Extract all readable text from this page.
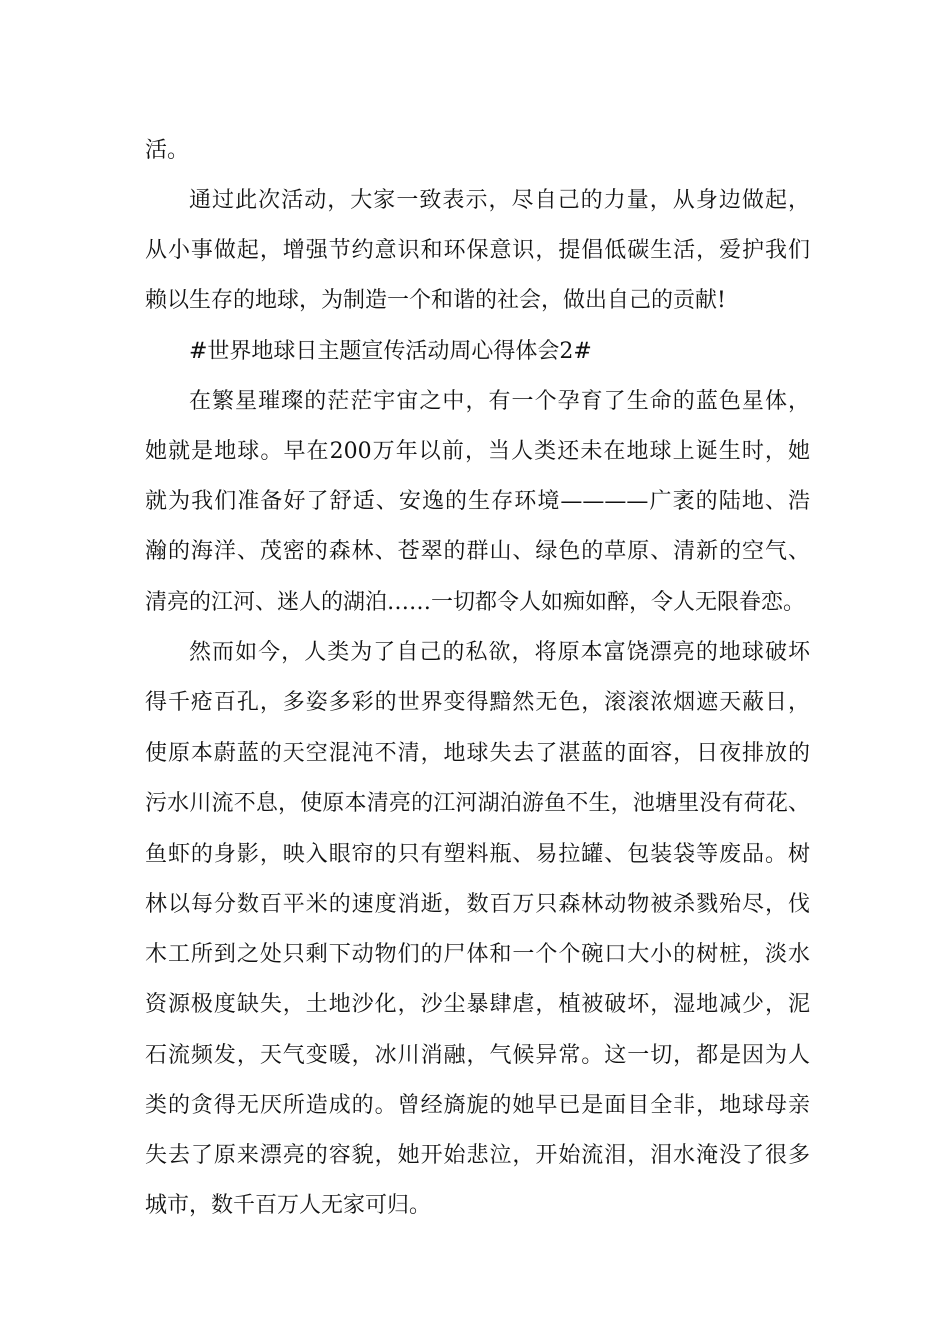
活。

通过此次活动，大家一致表示，尽自己的力量，从身边做起，

从小事做起，增强节约意识和环保意识，提倡低碳生活，爱护我们

赖以生存的地球，为制造一个和谐的社会，做出自己的贡献!

#世界地球日主题宣传活动周心得体会2#

在繁星璀璨的茫茫宇宙之中，有一个孕育了生命的蓝色星体，

她就是地球。早在200万年以前，当人类还未在地球上诞生时，她

就为我们准备好了舒适、安逸的生存环境————广袤的陆地、浩

瀚的海洋、茂密的森林、苍翠的群山、绿色的草原、清新的空气、

清亮的江河、迷人的湖泊……一切都令人如痴如醉，令人无限眷恋。

然而如今，人类为了自己的私欲，将原本富饶漂亮的地球破坏

得千疮百孔，多姿多彩的世界变得黯然无色，滚滚浓烟遮天蔽日，

使原本蔚蓝的天空混沌不清，地球失去了湛蓝的面容，日夜排放的

污水川流不息，使原本清亮的江河湖泊游鱼不生，池塘里没有荷花、

鱼虾的身影，映入眼帘的只有塑料瓶、易拉罐、包装袋等废品。树

林以每分数百平米的速度消逝，数百万只森林动物被杀戮殆尽，伐

木工所到之处只剩下动物们的尸体和一个个碗口大小的树桩，淡水

资源极度缺失，土地沙化，沙尘暴肆虐，植被破坏，湿地减少，泥

石流频发，天气变暖，冰川消融，气候异常。这一切，都是因为人

类的贪得无厌所造成的。曾经旖旎的她早已是面目全非，地球母亲

失去了原来漂亮的容貌，她开始悲泣，开始流泪，泪水淹没了很多

城市，数千百万人无家可归。
